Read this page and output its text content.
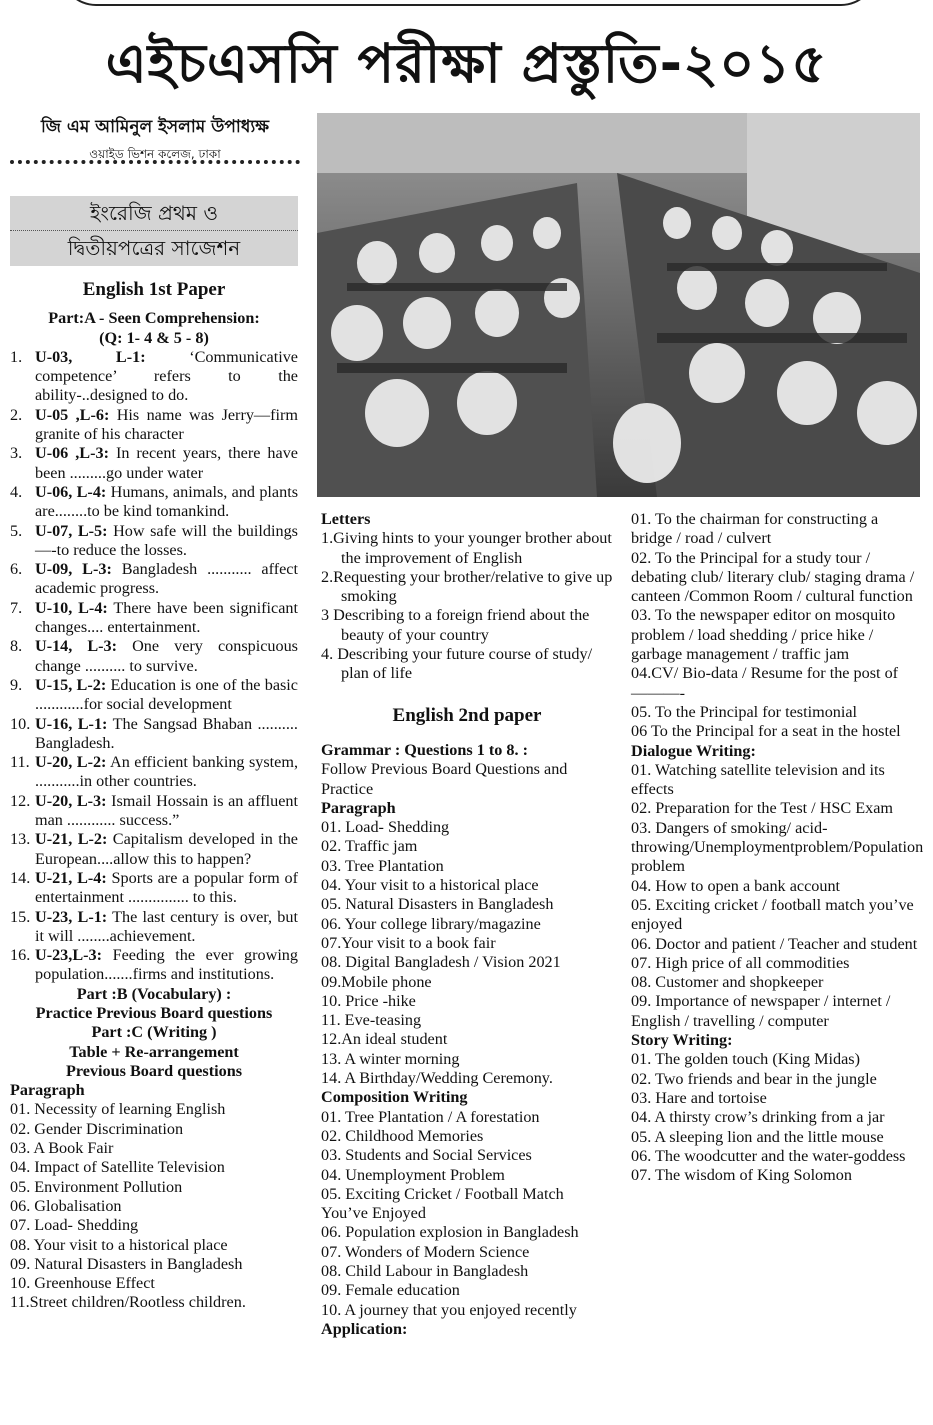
এইচএসসি পরীক্ষা প্রস্তুতি-২০১৫
জি এম আমিনুল ইসলাম উপাধ্যক্ষ
ওয়াইড ভিশন কলেজ, ঢাকা
ইংরেজি প্রথম ও
দ্বিতীয়পত্রের সাজেশন
English 1st Paper
Part:A - Seen Comprehension:
(Q: 1- 4 & 5 - 8)
1. U-03, L-1: ‘Communicative competence’ refers to the ability-..designed to do.
2. U-05 ,L-6: His name was Jerry—firm granite of his character
3. U-06 ,L-3: In recent years, there have been .........go under water
4. U-06, L-4: Humans, animals, and plants are........to be kind tomankind.
5. U-07, L-5: How safe will the buildings —-to reduce the losses.
6. U-09, L-3: Bangladesh ........... affect academic progress.
7. U-10, L-4: There have been significant changes.... entertainment.
8. U-14, L-3: One very conspicuous change .......... to survive.
9. U-15, L-2: Education is one of the basic ............for social development
10. U-16, L-1: The Sangsad Bhaban .......... Bangladesh.
11. U-20, L-2: An efficient banking system, ...........in other countries.
12. U-20, L-3: Ismail Hossain is an affluent man ............ success.”
13. U-21, L-2: Capitalism developed in the European....allow this to happen?
14. U-21, L-4: Sports are a popular form of entertainment ............... to this.
15. U-23, L-1: The last century is over, but it will ........achievement.
16. U-23,L-3: Feeding the ever growing population.......firms and institutions.
Part :B (Vocabulary) :
Practice Previous Board questions
Part :C (Writing )
Table + Re-arrangement
Previous Board questions
Paragraph
01. Necessity of learning English
02. Gender Discrimination
03. A Book Fair
04. Impact of Satellite Television
05. Environment Pollution
06. Globalisation
07. Load- Shedding
08. Your visit to a historical place
09. Natural Disasters in Bangladesh
10. Greenhouse Effect
11.Street children/Rootless children.
Letters
1.Giving hints to your younger brother about the improvement of English
2.Requesting your brother/relative to give up smoking
3 Describing to a foreign friend about the beauty of your country
4. Describing your future course of study/ plan of life
English 2nd paper
Grammar : Questions 1 to 8. :
Follow Previous Board Questions and Practice
Paragraph
01. Load- Shedding
02. Traffic jam
03. Tree Plantation
04. Your visit to a historical place
05. Natural Disasters in Bangladesh
06. Your college library/magazine
07.Your visit to a book fair
08. Digital Bangladesh / Vision 2021
09.Mobile phone
10. Price -hike
11. Eve-teasing
12.An ideal student
13. A winter morning
14. A Birthday/Wedding Ceremony.
Composition Writing
01. Tree Plantation / A forestation
02. Childhood Memories
03. Students and Social Services
04. Unemployment Problem
05. Exciting Cricket / Football Match You’ve Enjoyed
06. Population explosion in Bangladesh
07. Wonders of Modern Science
08. Child Labour in Bangladesh
09. Female education
10. A journey that you enjoyed recently
Application:
01. To the chairman for constructing a bridge / road / culvert
02. To the Principal for a study tour / debating club/ literary club/ staging drama / canteen /Common Room / cultural function
03. To the newspaper editor on mosquito problem / load shedding / price hike / garbage management / traffic jam
04.CV/ Bio-data / Resume for the post of———-
05. To the Principal for testimonial
06 To the Principal for a seat in the hostel
Dialogue Writing:
01. Watching satellite television and its effects
02. Preparation for the Test / HSC Exam
03. Dangers of smoking/ acid-throwing/Unemploymentproblem/Population problem
04. How to open a bank account
05. Exciting cricket / football match you’ve enjoyed
06. Doctor and patient / Teacher and student
07. High price of all commodities
08. Customer and shopkeeper
09. Importance of newspaper / internet / English / travelling / computer
Story Writing:
01. The golden touch (King Midas)
02. Two friends and bear in the jungle
03. Hare and tortoise
04. A thirsty crow’s drinking from a jar
05. A sleeping lion and the little mouse
06. The woodcutter and the water-goddess
07. The wisdom of King Solomon
